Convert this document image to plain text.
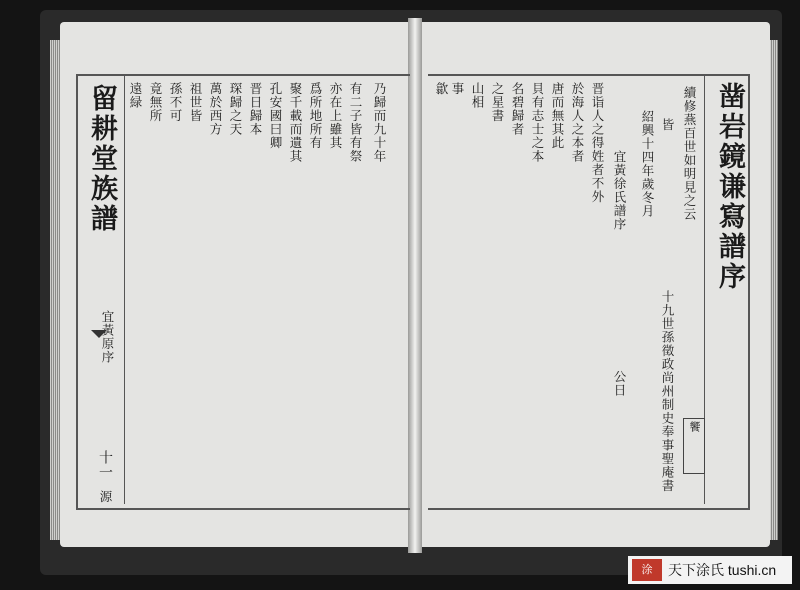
留耕堂族譜
宜黃原序
十一
源
遠緑 竟無所 孫不可 祖世皆 萬於西方 琛歸之天 晋日歸本 孔安國曰卿 聚千載而遺其 爲所地所有 亦在上雖其 有二子皆有祭 乃歸而九十年	凿岩鏡谦寫譜序
續修燕百世如明見之云
皆
紹興十四年歲冬月
宜黃徐氏譜序
晋诣人之得姓者不外
於海人之本者
唐而無其此
貝有志士之本
名碧歸者
之星書
山相
事
歙
公日	十九世孫徵政尚州制史奉事聖庵書	饗
涂	天下涂氏 tushi.cn
